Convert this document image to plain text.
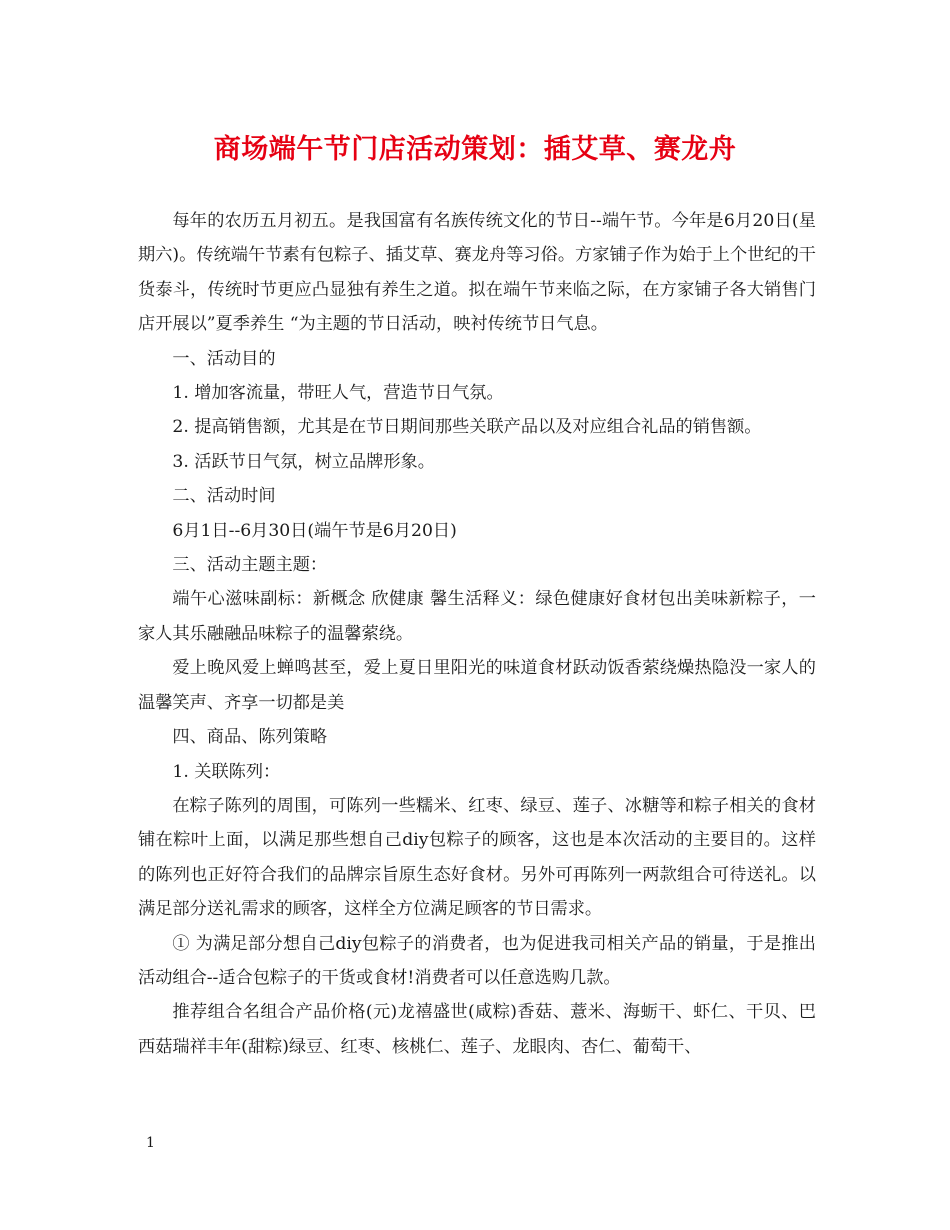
商场端午节门店活动策划：插艾草、赛龙舟

每年的农历五月初五。是我国富有名族传统文化的节日--端午节。今年是6月20日(星期六)。传统端午节素有包粽子、插艾草、赛龙舟等习俗。方家铺子作为始于上个世纪的干货泰斗，传统时节更应凸显独有养生之道。拟在端午节来临之际，在方家铺子各大销售门店开展以”夏季养生 “为主题的节日活动，映衬传统节日气息。

一、活动目的

1. 增加客流量，带旺人气，营造节日气氛。

2. 提高销售额，尤其是在节日期间那些关联产品以及对应组合礼品的销售额。

3. 活跃节日气氛，树立品牌形象。

二、活动时间

6月1日--6月30日(端午节是6月20日)

三、活动主题主题：

端午心滋味副标：新概念 欣健康 馨生活释义：绿色健康好食材包出美味新粽子，一家人其乐融融品味粽子的温馨萦绕。

爱上晚风爱上蝉鸣甚至，爱上夏日里阳光的味道食材跃动饭香萦绕燥热隐没一家人的温馨笑声、齐享一切都是美

四、商品、陈列策略

1. 关联陈列：

在粽子陈列的周围，可陈列一些糯米、红枣、绿豆、莲子、冰糖等和粽子相关的食材铺在粽叶上面，以满足那些想自己diy包粽子的顾客，这也是本次活动的主要目的。这样的陈列也正好符合我们的品牌宗旨原生态好食材。另外可再陈列一两款组合可待送礼。以满足部分送礼需求的顾客，这样全方位满足顾客的节日需求。

① 为满足部分想自己diy包粽子的消费者，也为促进我司相关产品的销量，于是推出活动组合--适合包粽子的干货或食材!消费者可以任意选购几款。

推荐组合名组合产品价格(元)龙禧盛世(咸粽)香菇、薏米、海蛎干、虾仁、干贝、巴西菇瑞祥丰年(甜粽)绿豆、红枣、核桃仁、莲子、龙眼肉、杏仁、葡萄干、

1
